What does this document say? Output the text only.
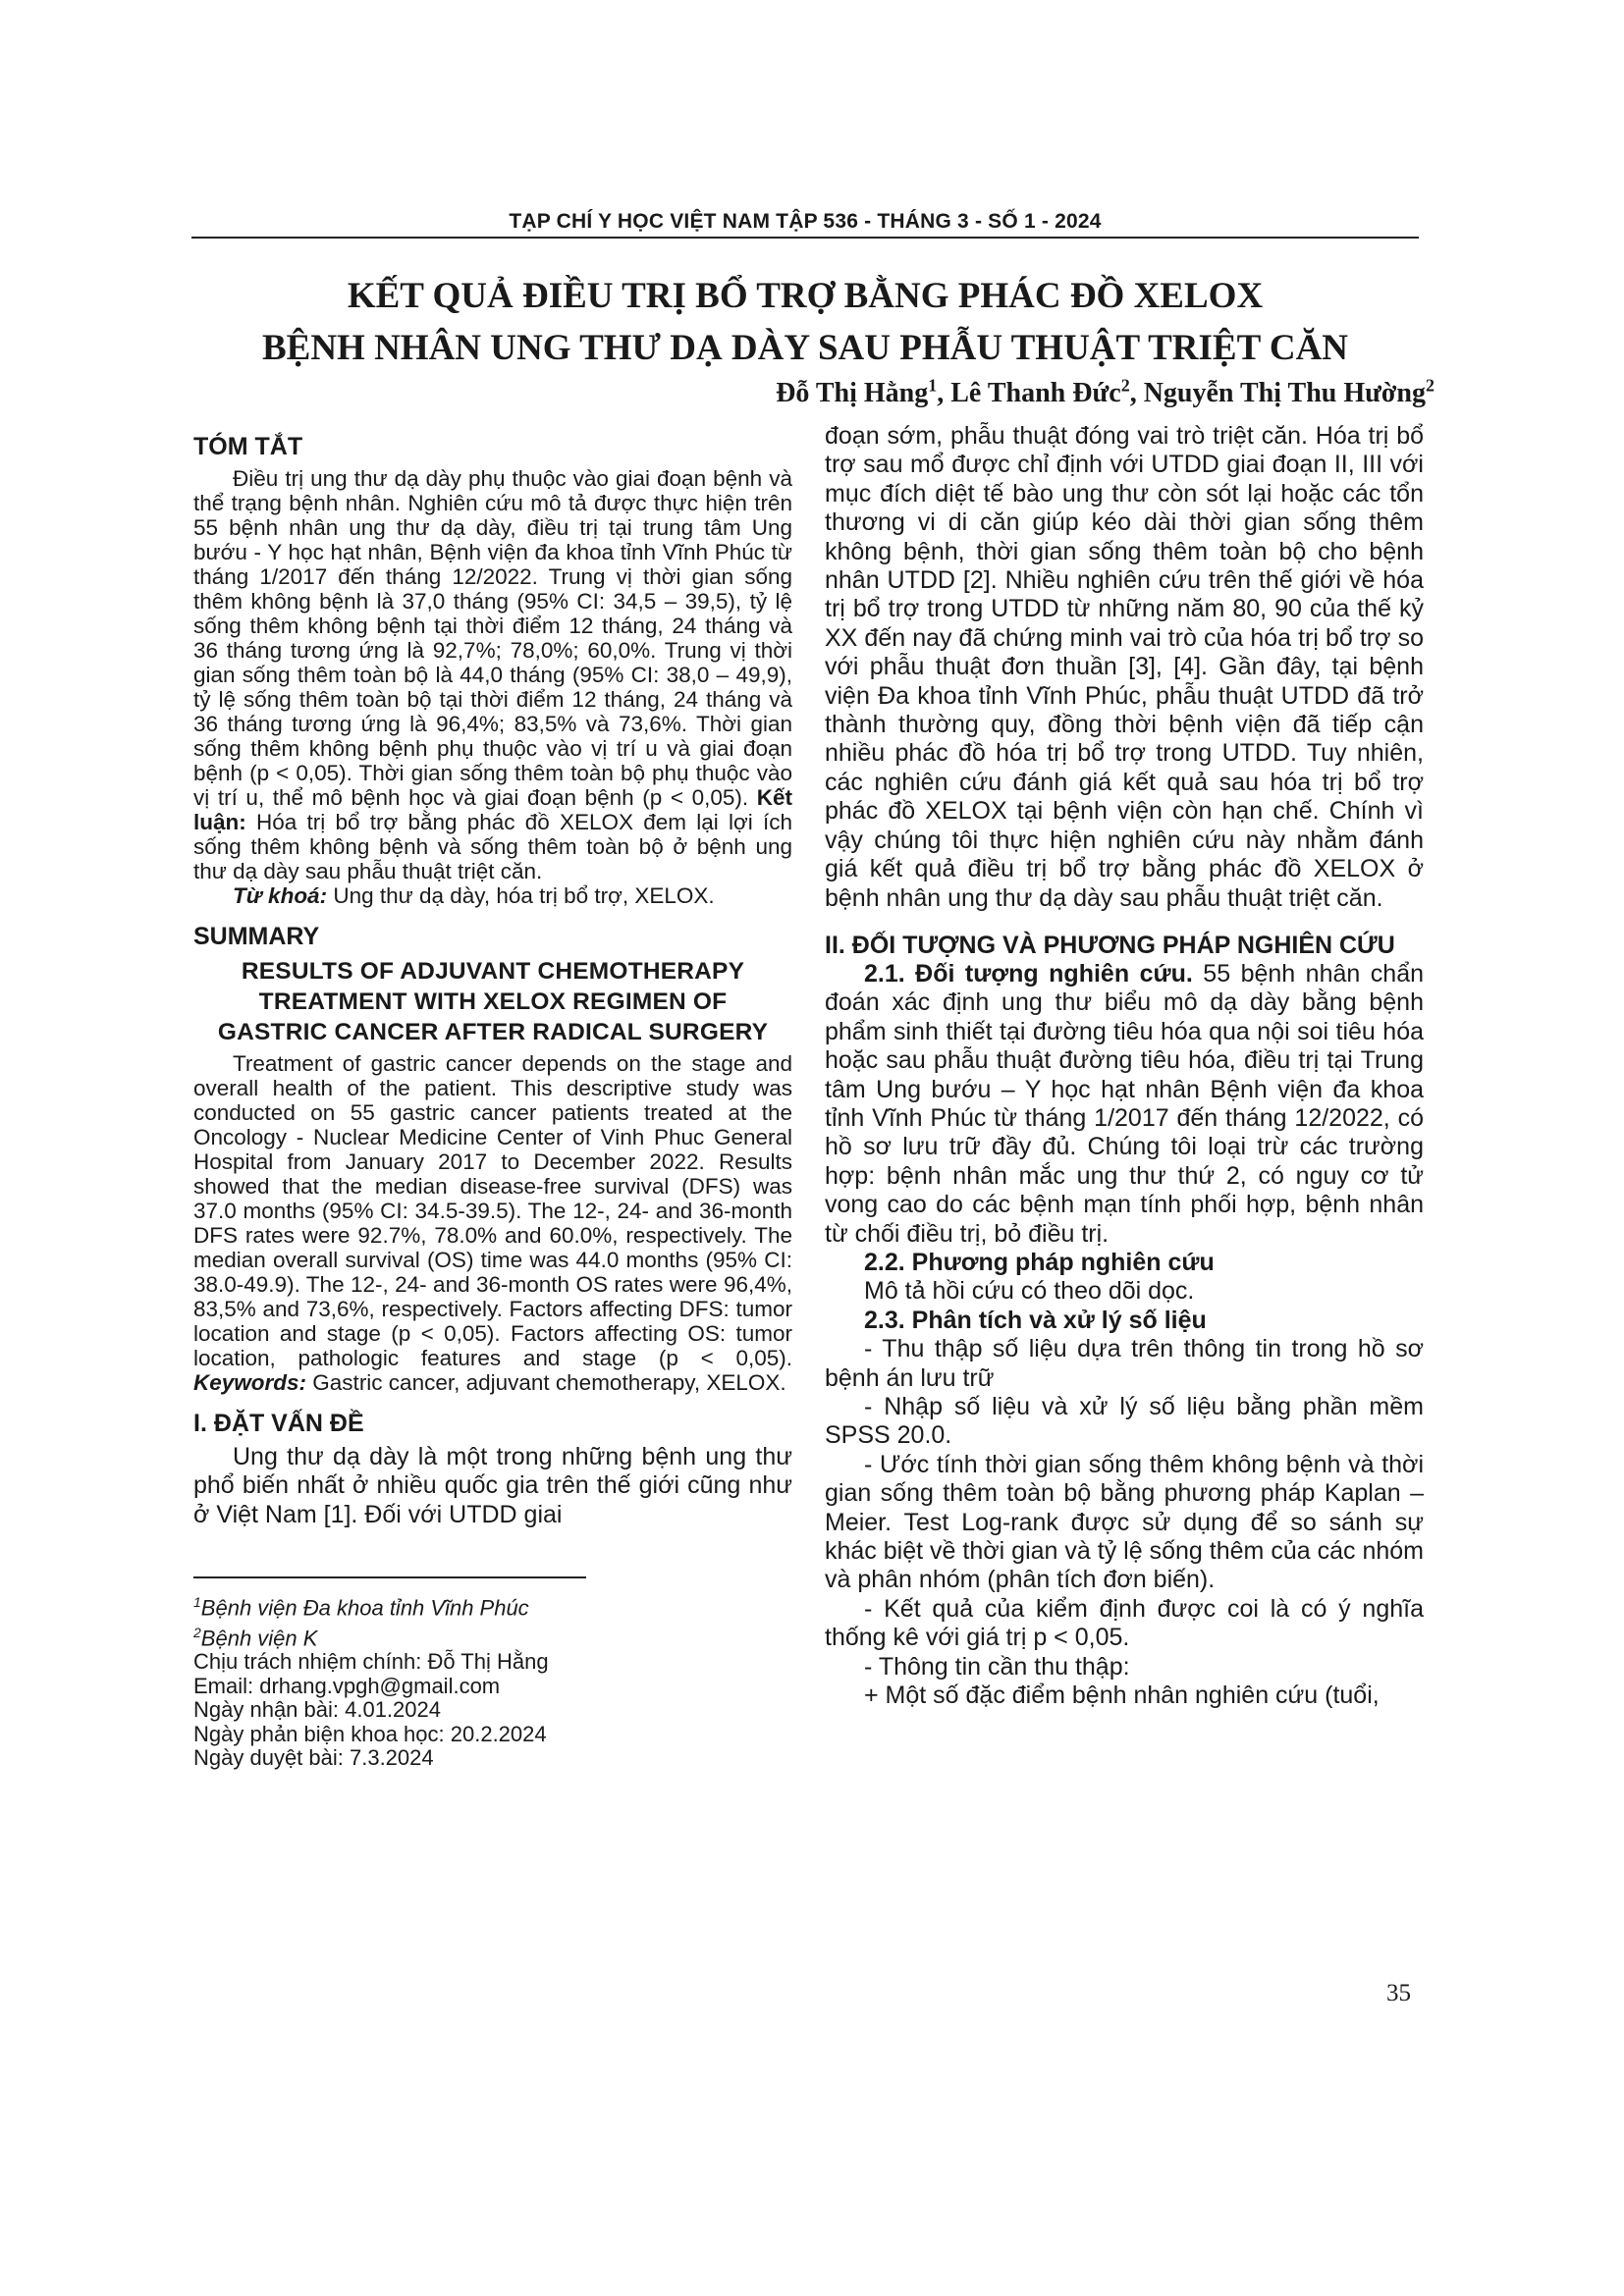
TẠP CHÍ Y HỌC VIỆT NAM TẬP 536 - THÁNG 3 - SỐ 1 - 2024
KẾT QUẢ ĐIỀU TRỊ BỔ TRỢ BẰNG PHÁC ĐỒ XELOX
BỆNH NHÂN UNG THƯ DẠ DÀY SAU PHẪU THUẬT TRIỆT CĂN
Đỗ Thị Hằng$^1$, Lê Thanh Đức$^2$, Nguyễn Thị Thu Hường$^2$
TÓM TẮT

Điều trị ung thư dạ dày phụ thuộc vào giai đoạn bệnh và thể trạng bệnh nhân. Nghiên cứu mô tả được thực hiện trên 55 bệnh nhân ung thư dạ dày, điều trị tại trung tâm Ung bướu - Y học hạt nhân, Bệnh viện đa khoa tỉnh Vĩnh Phúc từ tháng 1/2017 đến tháng 12/2022. Trung vị thời gian sống thêm không bệnh là 37,0 tháng (95% CI: 34,5 – 39,5), tỷ lệ sống thêm không bệnh tại thời điểm 12 tháng, 24 tháng và 36 tháng tương ứng là 92,7%; 78,0%; 60,0%. Trung vị thời gian sống thêm toàn bộ là 44,0 tháng (95% CI: 38,0 – 49,9), tỷ lệ sống thêm toàn bộ tại thời điểm 12 tháng, 24 tháng và 36 tháng tương ứng là 96,4%; 83,5% và 73,6%. Thời gian sống thêm không bệnh phụ thuộc vào vị trí u và giai đoạn bệnh (p < 0,05). Thời gian sống thêm toàn bộ phụ thuộc vào vị trí u, thể mô bệnh học và giai đoạn bệnh (p < 0,05). Kết luận: Hóa trị bổ trợ bằng phác đồ XELOX đem lại lợi ích sống thêm không bệnh và sống thêm toàn bộ ở bệnh ung thư dạ dày sau phẫu thuật triệt căn.

Từ khoá: Ung thư dạ dày, hóa trị bổ trợ, XELOX.

SUMMARY
RESULTS OF ADJUVANT CHEMOTHERAPY
TREATMENT WITH XELOX REGIMEN OF
GASTRIC CANCER AFTER RADICAL SURGERY

Treatment of gastric cancer depends on the stage and overall health of the patient. This descriptive study was conducted on 55 gastric cancer patients treated at the Oncology - Nuclear Medicine Center of Vinh Phuc General Hospital from January 2017 to December 2022. Results showed that the median disease-free survival (DFS) was 37.0 months (95% CI: 34.5-39.5). The 12-, 24- and 36-month DFS rates were 92.7%, 78.0% and 60.0%, respectively. The median overall survival (OS) time was 44.0 months (95% CI: 38.0-49.9). The 12-, 24- and 36-month OS rates were 96,4%, 83,5% and 73,6%, respectively. Factors affecting DFS: tumor location and stage (p < 0,05). Factors affecting OS: tumor location, pathologic features and stage (p < 0,05). Keywords: Gastric cancer, adjuvant chemotherapy, XELOX.

I. ĐẶT VẤN ĐỀ

Ung thư dạ dày là một trong những bệnh ung thư phổ biến nhất ở nhiều quốc gia trên thế giới cũng như ở Việt Nam [1]. Đối với UTDD giai

$^1$Bệnh viện Đa khoa tỉnh Vĩnh Phúc
$^2$Bệnh viện K
Chịu trách nhiệm chính: Đỗ Thị Hằng
Email: drhang.vpgh@gmail.com
Ngày nhận bài: 4.01.2024
Ngày phản biện khoa học: 20.2.2024
Ngày duyệt bài: 7.3.2024

đoạn sớm, phẫu thuật đóng vai trò triệt căn. Hóa trị bổ trợ sau mổ được chỉ định với UTDD giai đoạn II, III với mục đích diệt tế bào ung thư còn sót lại hoặc các tổn thương vi di căn giúp kéo dài thời gian sống thêm không bệnh, thời gian sống thêm toàn bộ cho bệnh nhân UTDD [2]. Nhiều nghiên cứu trên thế giới về hóa trị bổ trợ trong UTDD từ những năm 80, 90 của thế kỷ XX đến nay đã chứng minh vai trò của hóa trị bổ trợ so với phẫu thuật đơn thuần [3], [4]. Gần đây, tại bệnh viện Đa khoa tỉnh Vĩnh Phúc, phẫu thuật UTDD đã trở thành thường quy, đồng thời bệnh viện đã tiếp cận nhiều phác đồ hóa trị bổ trợ trong UTDD. Tuy nhiên, các nghiên cứu đánh giá kết quả sau hóa trị bổ trợ phác đồ XELOX tại bệnh viện còn hạn chế. Chính vì vậy chúng tôi thực hiện nghiên cứu này nhằm đánh giá kết quả điều trị bổ trợ bằng phác đồ XELOX ở bệnh nhân ung thư dạ dày sau phẫu thuật triệt căn.

II. ĐỐI TƯỢNG VÀ PHƯƠNG PHÁP NGHIÊN CỨU

2.1. Đối tượng nghiên cứu. 55 bệnh nhân chẩn đoán xác định ung thư biểu mô dạ dày bằng bệnh phẩm sinh thiết tại đường tiêu hóa qua nội soi tiêu hóa hoặc sau phẫu thuật đường tiêu hóa, điều trị tại Trung tâm Ung bướu – Y học hạt nhân Bệnh viện đa khoa tỉnh Vĩnh Phúc từ tháng 1/2017 đến tháng 12/2022, có hồ sơ lưu trữ đầy đủ. Chúng tôi loại trừ các trường hợp: bệnh nhân mắc ung thư thứ 2, có nguy cơ tử vong cao do các bệnh mạn tính phối hợp, bệnh nhân từ chối điều trị, bỏ điều trị.

2.2. Phương pháp nghiên cứu

Mô tả hồi cứu có theo dõi dọc.

2.3. Phân tích và xử lý số liệu

- Thu thập số liệu dựa trên thông tin trong hồ sơ bệnh án lưu trữ

- Nhập số liệu và xử lý số liệu bằng phần mềm SPSS 20.0.

- Ước tính thời gian sống thêm không bệnh và thời gian sống thêm toàn bộ bằng phương pháp Kaplan – Meier. Test Log-rank được sử dụng để so sánh sự khác biệt về thời gian và tỷ lệ sống thêm của các nhóm và phân nhóm (phân tích đơn biến).

- Kết quả của kiểm định được coi là có ý nghĩa thống kê với giá trị p < 0,05.

- Thông tin cần thu thập:

+ Một số đặc điểm bệnh nhân nghiên cứu (tuổi,

35
